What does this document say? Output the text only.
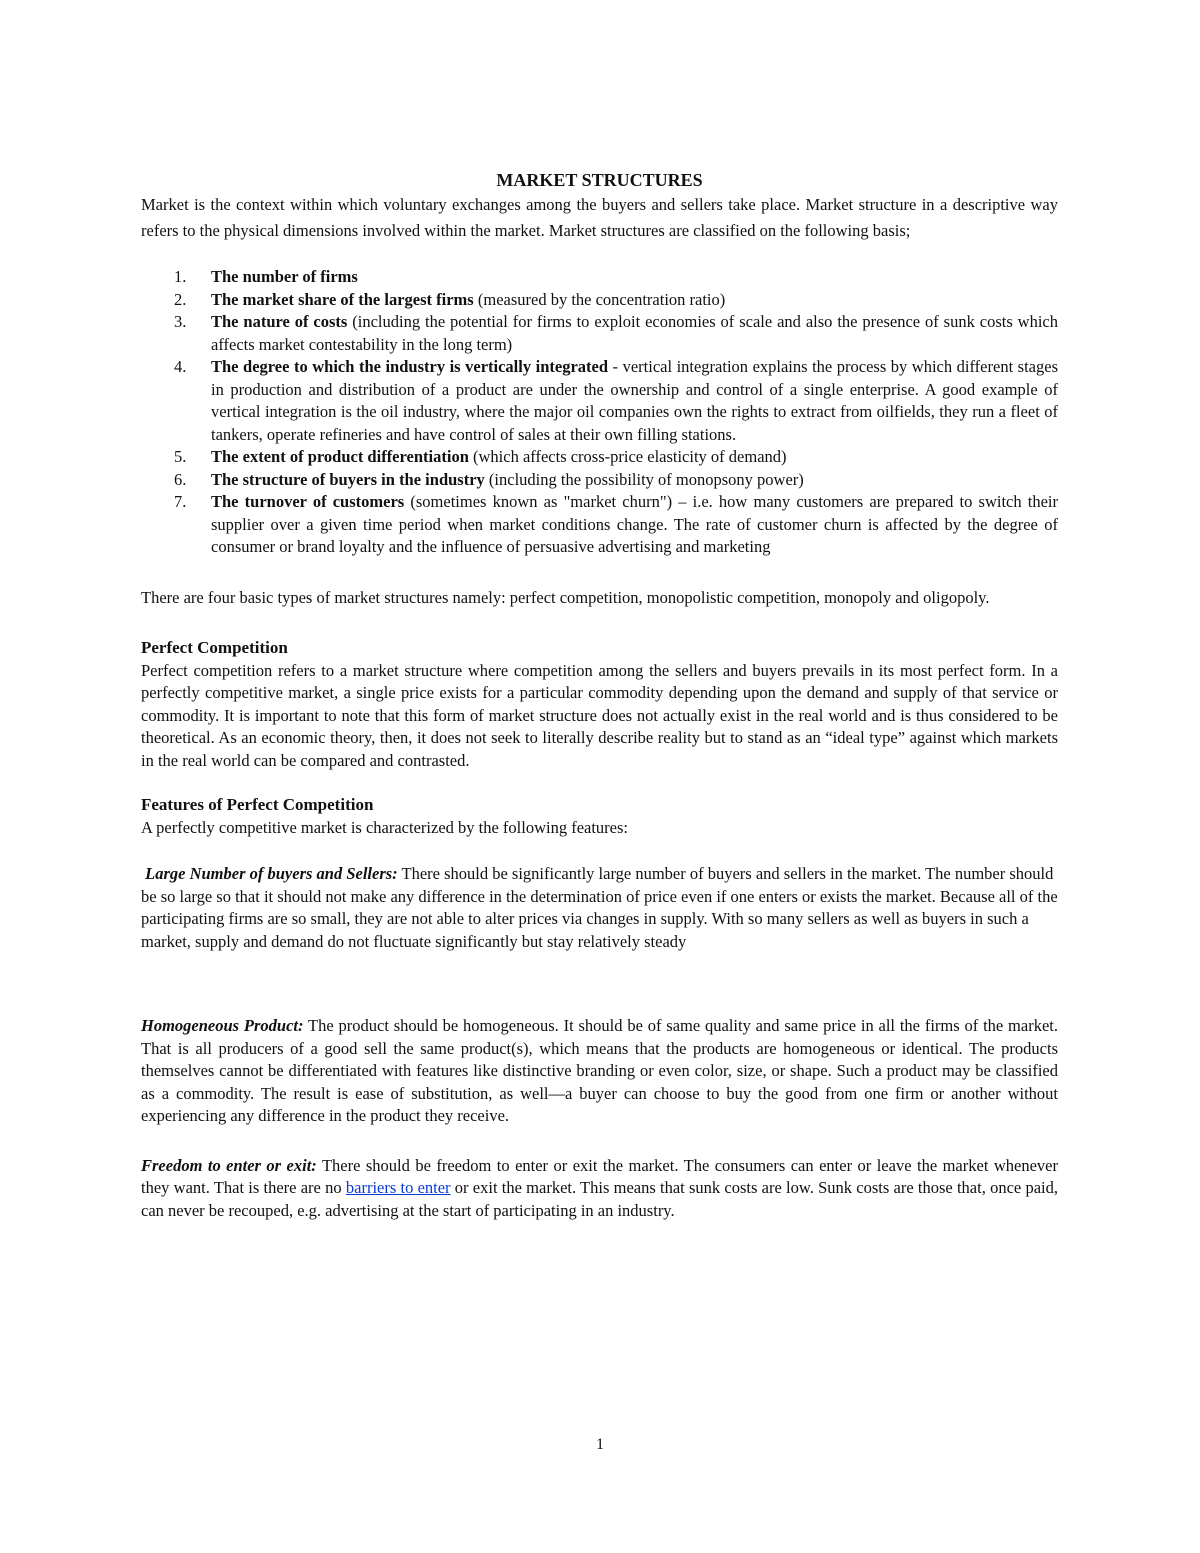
MARKET STRUCTURES

Market is the context within which voluntary exchanges among the buyers and sellers take place. Market structure in a descriptive way refers to the physical dimensions involved within the market. Market structures are classified on the following basis;

1. The number of firms
2. The market share of the largest firms (measured by the concentration ratio)
3. The nature of costs (including the potential for firms to exploit economies of scale and also the presence of sunk costs which affects market contestability in the long term)
4. The degree to which the industry is vertically integrated - vertical integration explains the process by which different stages in production and distribution of a product are under the ownership and control of a single enterprise. A good example of vertical integration is the oil industry, where the major oil companies own the rights to extract from oilfields, they run a fleet of tankers, operate refineries and have control of sales at their own filling stations.
5. The extent of product differentiation (which affects cross-price elasticity of demand)
6. The structure of buyers in the industry (including the possibility of monopsony power)
7. The turnover of customers (sometimes known as "market churn") – i.e. how many customers are prepared to switch their supplier over a given time period when market conditions change. The rate of customer churn is affected by the degree of consumer or brand loyalty and the influence of persuasive advertising and marketing

There are four basic types of market structures namely: perfect competition, monopolistic competition, monopoly and oligopoly.

Perfect Competition

Perfect competition refers to a market structure where competition among the sellers and buyers prevails in its most perfect form. In a perfectly competitive market, a single price exists for a particular commodity depending upon the demand and supply of that service or commodity. It is important to note that this form of market structure does not actually exist in the real world and is thus considered to be theoretical. As an economic theory, then, it does not seek to literally describe reality but to stand as an “ideal type” against which markets in the real world can be compared and contrasted.

Features of Perfect Competition

A perfectly competitive market is characterized by the following features:

Large Number of buyers and Sellers: There should be significantly large number of buyers and sellers in the market. The number should be so large so that it should not make any difference in the determination of price even if one enters or exists the market. Because all of the participating firms are so small, they are not able to alter prices via changes in supply. With so many sellers as well as buyers in such a market, supply and demand do not fluctuate significantly but stay relatively steady

Homogeneous Product: The product should be homogeneous. It should be of same quality and same price in all the firms of the market. That is all producers of a good sell the same product(s), which means that the products are homogeneous or identical. The products themselves cannot be differentiated with features like distinctive branding or even color, size, or shape. Such a product may be classified as a commodity. The result is ease of substitution, as well—a buyer can choose to buy the good from one firm or another without experiencing any difference in the product they receive.

Freedom to enter or exit: There should be freedom to enter or exit the market. The consumers can enter or leave the market whenever they want. That is there are no barriers to enter or exit the market. This means that sunk costs are low. Sunk costs are those that, once paid, can never be recouped, e.g. advertising at the start of participating in an industry.

1
